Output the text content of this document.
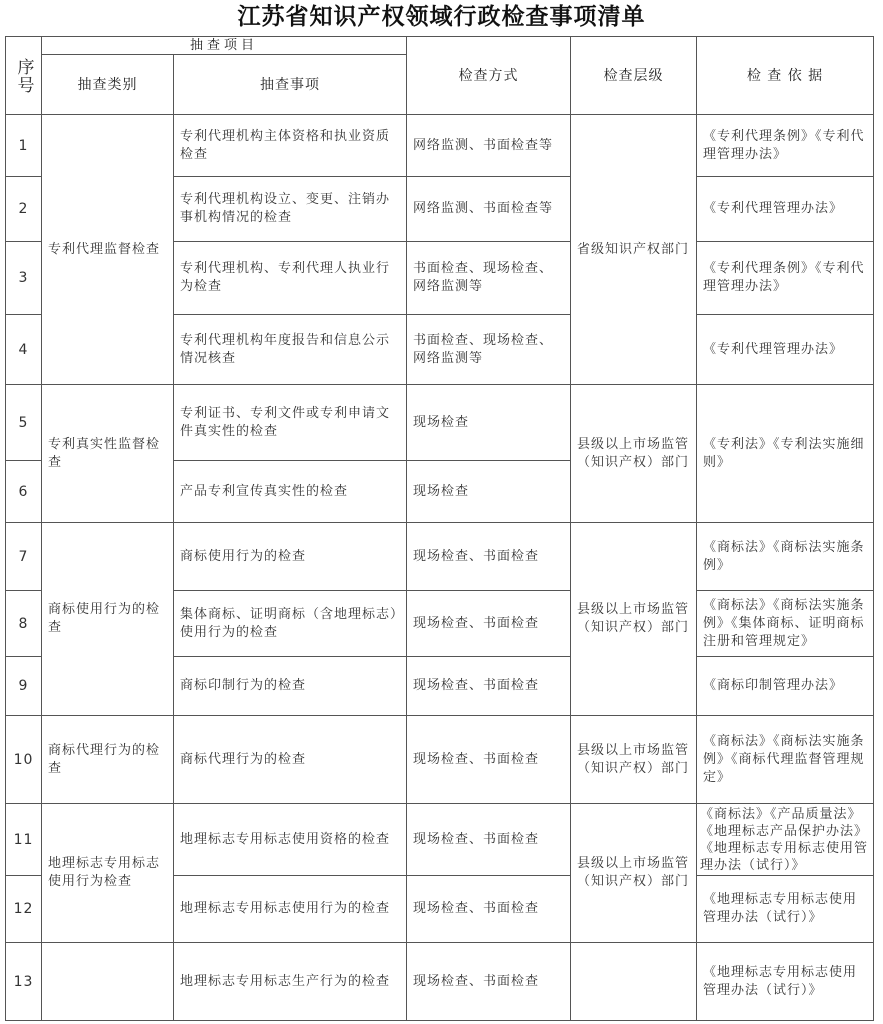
江苏省知识产权领域行政检查事项清单
序号	抽查项目		检查方式	检查层级	检 查 依 据
	抽查类别	抽查事项			
1	专利代理监督检查	专利代理机构主体资格和执业资质检查	网络监测、书面检查等	省级知识产权部门	《专利代理条例》《专利代理管理办法》
2		专利代理机构设立、变更、注销办事机构情况的检查	网络监测、书面检查等		《专利代理管理办法》
3		专利代理机构、专利代理人执业行为检查	书面检查、现场检查、网络监测等		《专利代理条例》《专利代理管理办法》
4		专利代理机构年度报告和信息公示情况核查	书面检查、现场检查、网络监测等		《专利代理管理办法》
5	专利真实性监督检查	专利证书、专利文件或专利申请文件真实性的检查	现场检查	县级以上市场监管（知识产权）部门	《专利法》《专利法实施细则》
6		产品专利宣传真实性的检查	现场检查		
7	商标使用行为的检查	商标使用行为的检查	现场检查、书面检查	县级以上市场监管（知识产权）部门	《商标法》《商标法实施条例》
8		集体商标、证明商标（含地理标志）使用行为的检查	现场检查、书面检查		《商标法》《商标法实施条例》《集体商标、证明商标注册和管理规定》
9		商标印制行为的检查	现场检查、书面检查		《商标印制管理办法》
10	商标代理行为的检查	商标代理行为的检查	现场检查、书面检查	县级以上市场监管（知识产权）部门	《商标法》《商标法实施条例》《商标代理监督管理规定》
11	地理标志专用标志使用行为检查	地理标志专用标志使用资格的检查	现场检查、书面检查	县级以上市场监管（知识产权）部门	《商标法》《产品质量法》《地理标志产品保护办法》《地理标志专用标志使用管理办法（试行）》
12		地理标志专用标志使用行为的检查	现场检查、书面检查		《地理标志专用标志使用管理办法（试行）》
13		地理标志专用标志生产行为的检查	现场检查、书面检查		《地理标志专用标志使用管理办法（试行）》
